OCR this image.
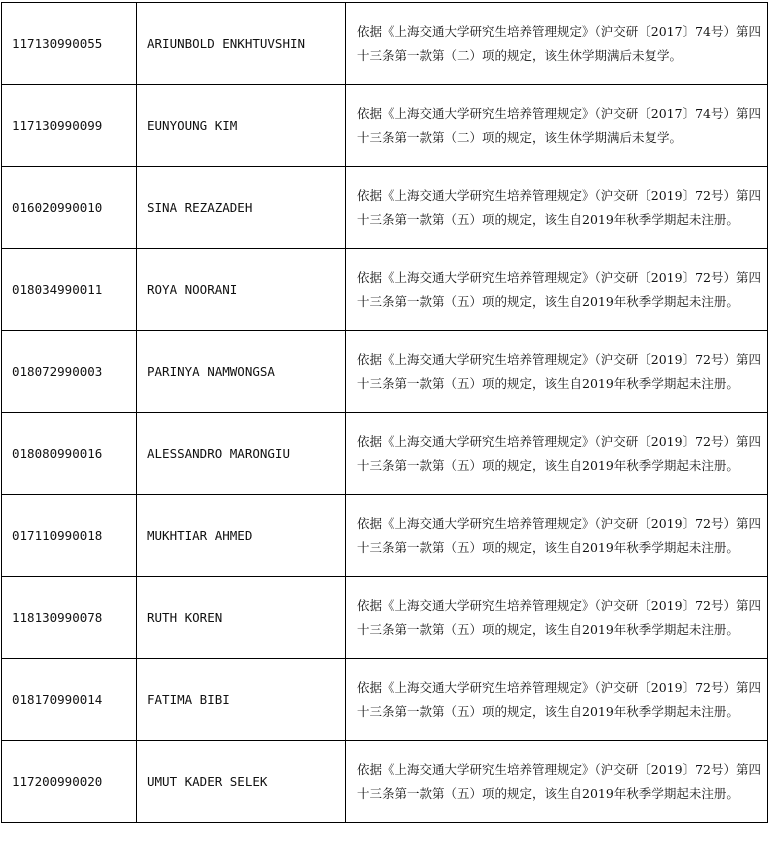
117130990055	ARIUNBOLD ENKHTUVSHIN	依据《上海交通大学研究生培养管理规定》（沪交研〔2017〕74号）第四十三条第一款第（二）项的规定，该生休学期满后未复学。
117130990099	EUNYOUNG KIM	依据《上海交通大学研究生培养管理规定》（沪交研〔2017〕74号）第四十三条第一款第（二）项的规定，该生休学期满后未复学。
016020990010	SINA REZAZADEH	依据《上海交通大学研究生培养管理规定》（沪交研〔2019〕72号）第四十三条第一款第（五）项的规定，该生自2019年秋季学期起未注册。
018034990011	ROYA NOORANI	依据《上海交通大学研究生培养管理规定》（沪交研〔2019〕72号）第四十三条第一款第（五）项的规定，该生自2019年秋季学期起未注册。
018072990003	PARINYA NAMWONGSA	依据《上海交通大学研究生培养管理规定》（沪交研〔2019〕72号）第四十三条第一款第（五）项的规定，该生自2019年秋季学期起未注册。
018080990016	ALESSANDRO MARONGIU	依据《上海交通大学研究生培养管理规定》（沪交研〔2019〕72号）第四十三条第一款第（五）项的规定，该生自2019年秋季学期起未注册。
017110990018	MUKHTIAR AHMED	依据《上海交通大学研究生培养管理规定》（沪交研〔2019〕72号）第四十三条第一款第（五）项的规定，该生自2019年秋季学期起未注册。
118130990078	RUTH KOREN	依据《上海交通大学研究生培养管理规定》（沪交研〔2019〕72号）第四十三条第一款第（五）项的规定，该生自2019年秋季学期起未注册。
018170990014	FATIMA BIBI	依据《上海交通大学研究生培养管理规定》（沪交研〔2019〕72号）第四十三条第一款第（五）项的规定，该生自2019年秋季学期起未注册。
117200990020	UMUT KADER SELEK	依据《上海交通大学研究生培养管理规定》（沪交研〔2019〕72号）第四十三条第一款第（五）项的规定，该生自2019年秋季学期起未注册。
